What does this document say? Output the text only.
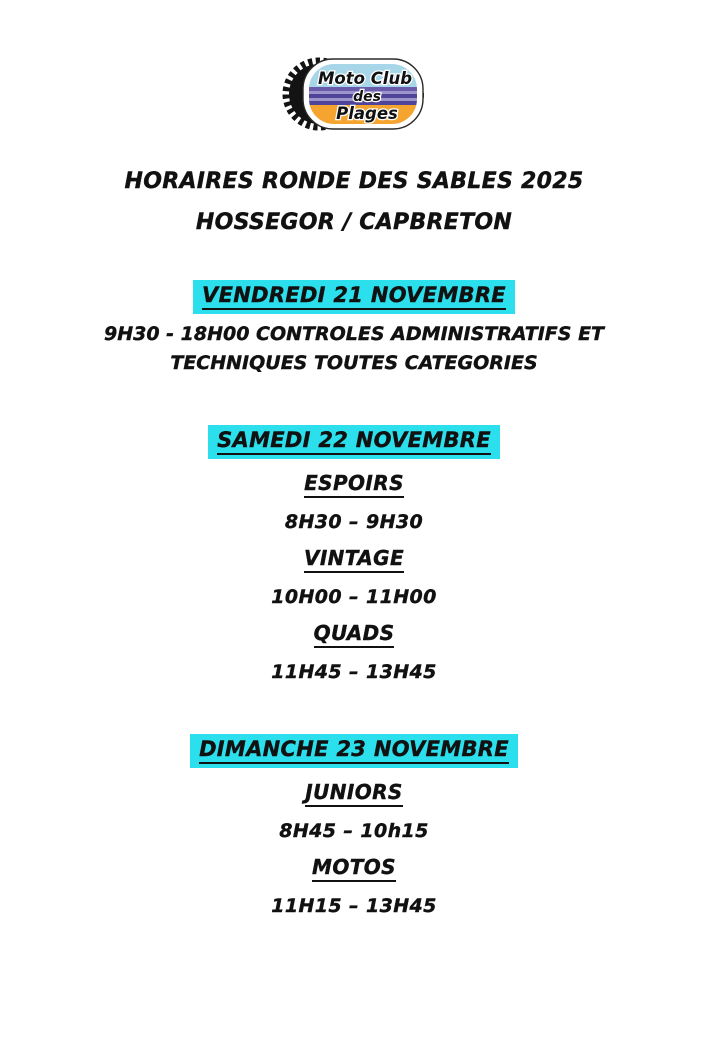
Moto Club
des
Plages
HORAIRES RONDE DES SABLES 2025
HOSSEGOR / CAPBRETON
VENDREDI 21 NOVEMBRE
9H30 - 18H00 CONTROLES ADMINISTRATIFS ET
TECHNIQUES TOUTES CATEGORIES
SAMEDI 22 NOVEMBRE
ESPOIRS
8H30 – 9H30
VINTAGE
10H00 – 11H00
QUADS
11H45 – 13H45
DIMANCHE 23 NOVEMBRE
JUNIORS
8H45 – 10h15
MOTOS
11H15 – 13H45
